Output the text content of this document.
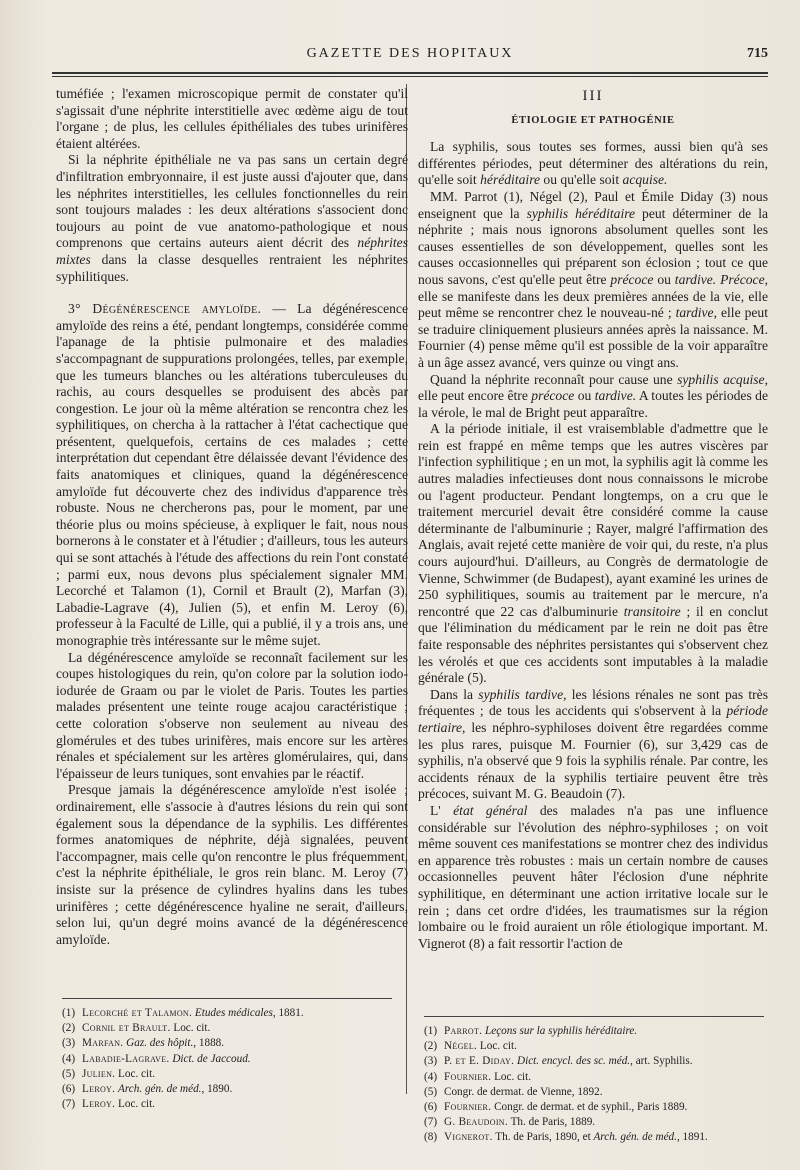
GAZETTE DES HOPITAUX	715

tuméfiée ; l'examen microscopique permit de constater qu'il s'agissait d'une néphrite interstitielle avec œdème aigu de tout l'organe ; de plus, les cellules épithéliales des tubes urinifères étaient altérées.

Si la néphrite épithéliale ne va pas sans un certain degré d'infiltration embryonnaire, il est juste aussi d'ajouter que, dans les néphrites interstitielles, les cellules fonctionnelles du rein sont toujours malades : les deux altérations s'associent donc toujours au point de vue anatomo-pathologique et nous comprenons que certains auteurs aient décrit des néphrites mixtes dans la classe desquelles rentraient les néphrites syphilitiques.

3° Dégénérescence amyloïde. — La dégénérescence amyloïde des reins a été, pendant longtemps, considérée comme l'apanage de la phtisie pulmonaire et des maladies s'accompagnant de suppurations prolongées, telles, par exemple, que les tumeurs blanches ou les altérations tuberculeuses du rachis, au cours desquelles se produisent des abcès par congestion. Le jour où la même altération se rencontra chez les syphilitiques, on chercha à la rattacher à l'état cachectique que présentent, quelquefois, certains de ces malades ; cette interprétation dut cependant être délaissée devant l'évidence des faits anatomiques et cliniques, quand la dégénérescence amyloïde fut découverte chez des individus d'apparence très robuste. Nous ne chercherons pas, pour le moment, par une théorie plus ou moins spécieuse, à expliquer le fait, nous nous bornerons à le constater et à l'étudier ; d'ailleurs, tous les auteurs qui se sont attachés à l'étude des affections du rein l'ont constaté ; parmi eux, nous devons plus spécialement signaler MM. Lecorché et Talamon (1), Cornil et Brault (2), Marfan (3), Labadie-Lagrave (4), Julien (5), et enfin M. Leroy (6), professeur à la Faculté de Lille, qui a publié, il y a trois ans, une monographie très intéressante sur le même sujet.

La dégénérescence amyloïde se reconnaît facilement sur les coupes histologiques du rein, qu'on colore par la solution iodo-iodurée de Graam ou par le violet de Paris. Toutes les parties malades présentent une teinte rouge acajou caractéristique ; cette coloration s'observe non seulement au niveau des glomérules et des tubes urinifères, mais encore sur les artères rénales et spécialement sur les artères glomérulaires, qui, dans l'épaisseur de leurs tuniques, sont envahies par le réactif.

Presque jamais la dégénérescence amyloïde n'est isolée ; ordinairement, elle s'associe à d'autres lésions du rein qui sont également sous la dépendance de la syphilis. Les différentes formes anatomiques de néphrite, déjà signalées, peuvent l'accompagner, mais celle qu'on rencontre le plus fréquemment, c'est la néphrite épithéliale, le gros rein blanc. M. Leroy (7) insiste sur la présence de cylindres hyalins dans les tubes urinifères ; cette dégénérescence hyaline ne serait, d'ailleurs, selon lui, qu'un degré moins avancé de la dégénérescence amyloïde.

III
ÉTIOLOGIE ET PATHOGÉNIE

La syphilis, sous toutes ses formes, aussi bien qu'à ses différentes périodes, peut déterminer des altérations du rein, qu'elle soit héréditaire ou qu'elle soit acquise.

MM. Parrot (1), Négel (2), Paul et Émile Diday (3) nous enseignent que la syphilis héréditaire peut déterminer de la néphrite ; mais nous ignorons absolument quelles sont les causes essentielles de son développement, quelles sont les causes occasionnelles qui préparent son éclosion ; tout ce que nous savons, c'est qu'elle peut être précoce ou tardive. Précoce, elle se manifeste dans les deux premières années de la vie, elle peut même se rencontrer chez le nouveau-né ; tardive, elle peut se traduire cliniquement plusieurs années après la naissance. M. Fournier (4) pense même qu'il est possible de la voir apparaître à un âge assez avancé, vers quinze ou vingt ans.

Quand la néphrite reconnaît pour cause une syphilis acquise, elle peut encore être précoce ou tardive. A toutes les périodes de la vérole, le mal de Bright peut apparaître.

A la période initiale, il est vraisemblable d'admettre que le rein est frappé en même temps que les autres viscères par l'infection syphilitique ; en un mot, la syphilis agit là comme les autres maladies infectieuses dont nous connaissons le microbe ou l'agent producteur. Pendant longtemps, on a cru que le traitement mercuriel devait être considéré comme la cause déterminante de l'albuminurie ; Rayer, malgré l'affirmation des Anglais, avait rejeté cette manière de voir qui, du reste, n'a plus cours aujourd'hui. D'ailleurs, au Congrès de dermatologie de Vienne, Schwimmer (de Budapest), ayant examiné les urines de 250 syphilitiques, soumis au traitement par le mercure, n'a rencontré que 22 cas d'albuminurie transitoire ; il en conclut que l'élimination du médicament par le rein ne doit pas être faite responsable des néphrites persistantes qui s'observent chez les vérolés et que ces accidents sont imputables à la maladie générale (5).

Dans la syphilis tardive, les lésions rénales ne sont pas très fréquentes ; de tous les accidents qui s'observent à la période tertiaire, les néphro-syphiloses doivent être regardées comme les plus rares, puisque M. Fournier (6), sur 3,429 cas de syphilis, n'a observé que 9 fois la syphilis rénale. Par contre, les accidents rénaux de la syphilis tertiaire peuvent être très précoces, suivant M. G. Beaudoin (7).

L' état général des malades n'a pas une influence considérable sur l'évolution des néphro-syphiloses ; on voit même souvent ces manifestations se montrer chez des individus en apparence très robustes : mais un certain nombre de causes occasionnelles peuvent hâter l'éclosion d'une néphrite syphilitique, en déterminant une action irritative locale sur le rein ; dans cet ordre d'idées, les traumatismes sur la région lombaire ou le froid auraient un rôle étiologique important. M. Vignerot (8) a fait ressortir l'action de

(1) Lecorché et Talamon. Etudes médicales, 1881.
(2) Cornil et Brault. Loc. cit.
(3) Marfan. Gaz. des hôpit., 1888.
(4) Labadie-Lagrave. Dict. de Jaccoud.
(5) Julien. Loc. cit.
(6) Leroy. Arch. gén. de méd., 1890.
(7) Leroy. Loc. cit.
(1) Parrot. Leçons sur la syphilis héréditaire.
(2) Négel. Loc. cit.
(3) P. et E. Diday. Dict. encycl. des sc. méd., art. Syphilis.
(4) Fournier. Loc. cit.
(5) Congr. de dermat. de Vienne, 1892.
(6) Fournier. Congr. de dermat. et de syphil., Paris 1889.
(7) G. Beaudoin. Th. de Paris, 1889.
(8) Vignerot. Th. de Paris, 1890, et Arch. gén. de méd., 1891.
